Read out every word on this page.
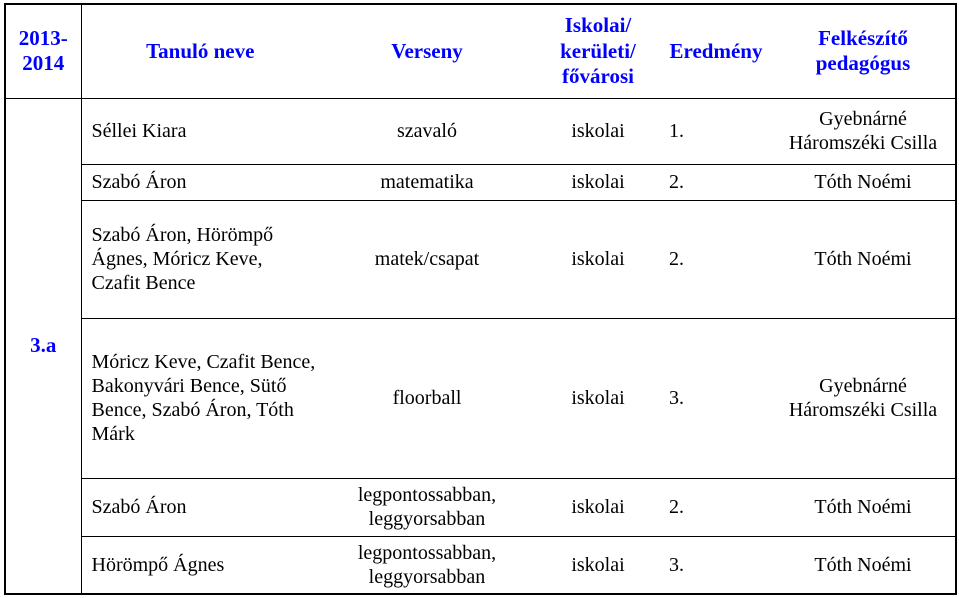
2013-2014	Tanuló neve	Verseny	Iskolai/ kerületi/ fővárosi	Eredmény	Felkészítő pedagógus
3.a	Séllei Kiara	szavaló	iskolai	1.	Gyebnárné Háromszéki Csilla
	Szabó Áron	matematika	iskolai	2.	Tóth Noémi
	Szabó Áron, Hörömpő Ágnes, Móricz Keve, Czafit Bence	matek/csapat	iskolai	2.	Tóth Noémi
	Móricz Keve, Czafit Bence, Bakonyvári Bence, Sütő Bence, Szabó Áron, Tóth Márk	floorball	iskolai	3.	Gyebnárné Háromszéki Csilla
	Szabó Áron	legpontossabban, leggyorsabban	iskolai	2.	Tóth Noémi
	Hörömpő Ágnes	legpontossabban, leggyorsabban	iskolai	3.	Tóth Noémi
